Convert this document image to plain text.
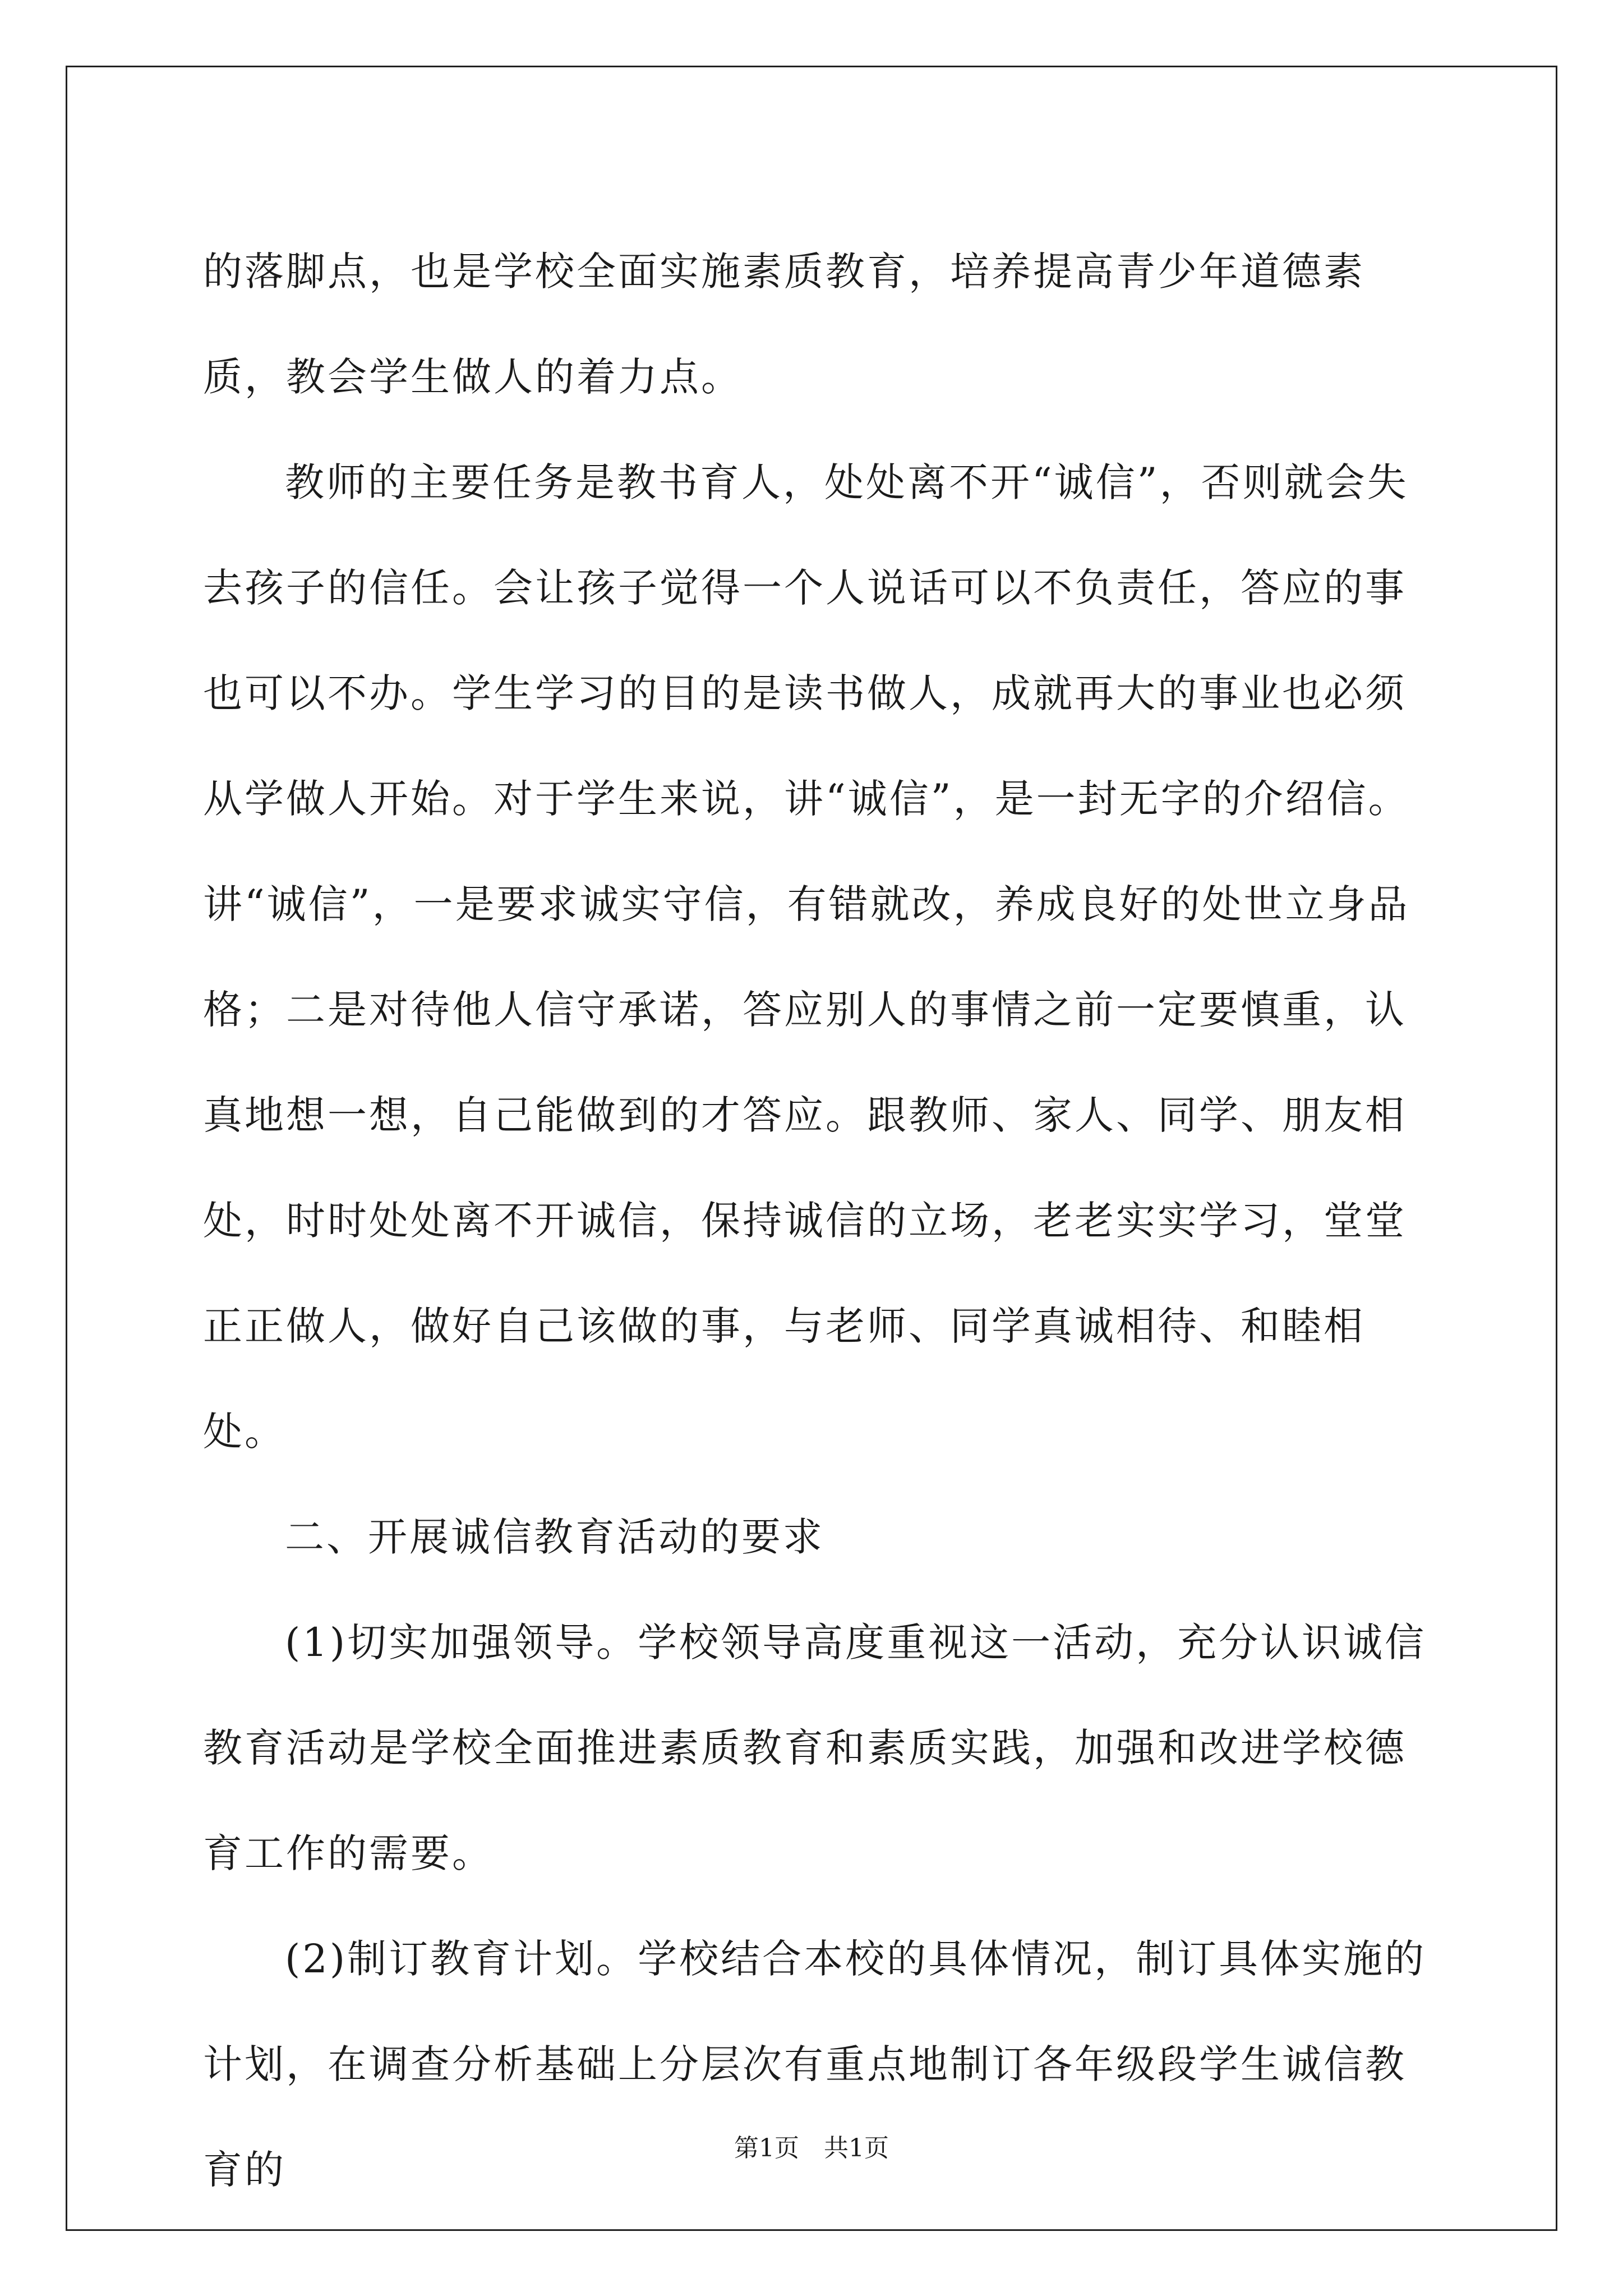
的落脚点，也是学校全面实施素质教育，培养提高青少年道德素质，教会学生做人的着力点。

教师的主要任务是教书育人，处处离不开“诚信”，否则就会失去孩子的信任。会让孩子觉得一个人说话可以不负责任，答应的事也可以不办。学生学习的目的是读书做人，成就再大的事业也必须从学做人开始。对于学生来说，讲“诚信”，是一封无字的介绍信。讲“诚信”，一是要求诚实守信，有错就改，养成良好的处世立身品格；二是对待他人信守承诺，答应别人的事情之前一定要慎重，认真地想一想，自己能做到的才答应。跟教师、家人、同学、朋友相处，时时处处离不开诚信，保持诚信的立场，老老实实学习，堂堂正正做人，做好自己该做的事，与老师、同学真诚相待、和睦相处。

二、开展诚信教育活动的要求

(1)切实加强领导。学校领导高度重视这一活动，充分认识诚信教育活动是学校全面推进素质教育和素质实践，加强和改进学校德育工作的需要。

(2)制订教育计划。学校结合本校的具体情况，制订具体实施的计划，在调查分析基础上分层次有重点地制订各年级段学生诚信教育的	第1页 共1页
